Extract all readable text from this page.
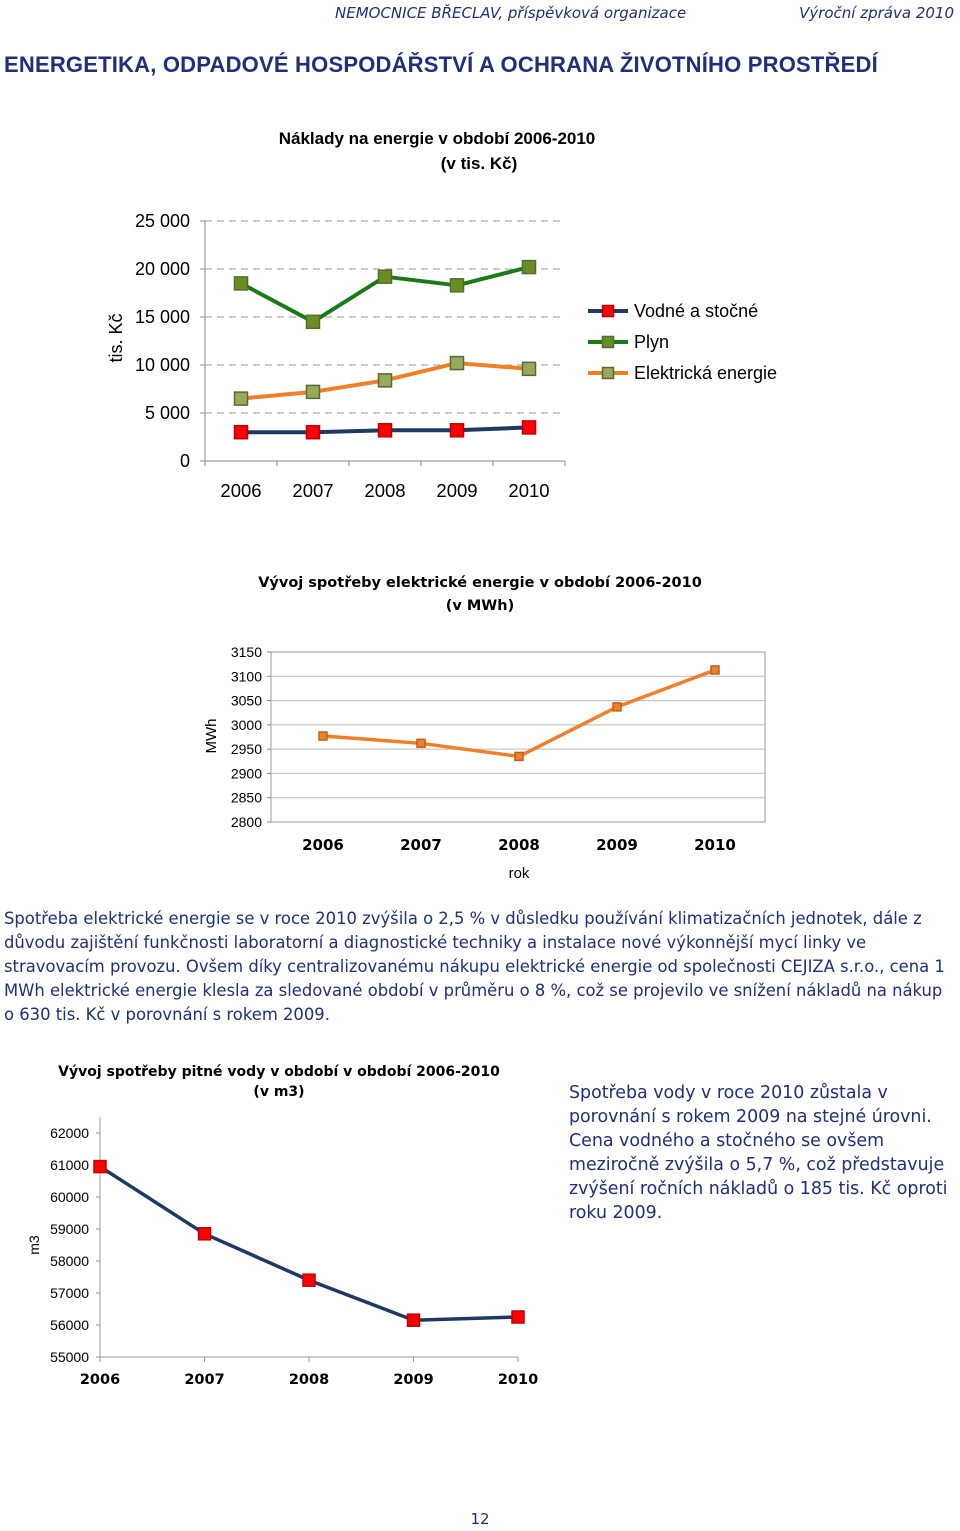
NEMOCNICE BŘECLAV, příspěvková organizace	Výroční zpráva 2010
ENERGETIKA, ODPADOVÉ HOSPODÁŘSTVÍ A OCHRANA ŽIVOTNÍHO PROSTŘEDÍ
Náklady na energie v období 2006-2010
(v tis. Kč)
tis. Kč
0
5 000
10 000
15 000
20 000
25 000
2006 2007 2008 2009 2010
Vodné a stočné
Plyn
Elektrická energie
Vývoj spotřeby elektrické energie v období 2006-2010
(v MWh)
MWh
rok
2800
2850
2900
2950
3000
3050
3100
3150
2006	2007	2008	2009	2010

Spotřeba elektrické energie se v roce 2010 zvýšila o 2,5 % v důsledku používání klimatizačních jednotek, dále z důvodu zajištění funkčnosti laboratorní a diagnostické techniky a instalace nové výkonnější mycí linky ve stravovacím provozu. Ovšem díky centralizovanému nákupu elektrické energie od společnosti CEJIZA s.r.o., cena 1 MWh elektrické energie klesla za sledované období v průměru o 8 %, což se projevilo ve snížení nákladů na nákup o 630 tis. Kč v porovnání s rokem 2009.

Vývoj spotřeby pitné vody v období v období 2006-2010
(v m3)
m3
55000
56000
57000
58000
59000
60000
61000
62000
2006	2007	2008	2009	2010

Spotřeba vody v roce 2010 zůstala v porovnání s rokem 2009 na stejné úrovni. Cena vodného a stočného se ovšem meziročně zvýšila o 5,7 %, což představuje zvýšení ročních nákladů o 185 tis. Kč oproti roku 2009.

12
